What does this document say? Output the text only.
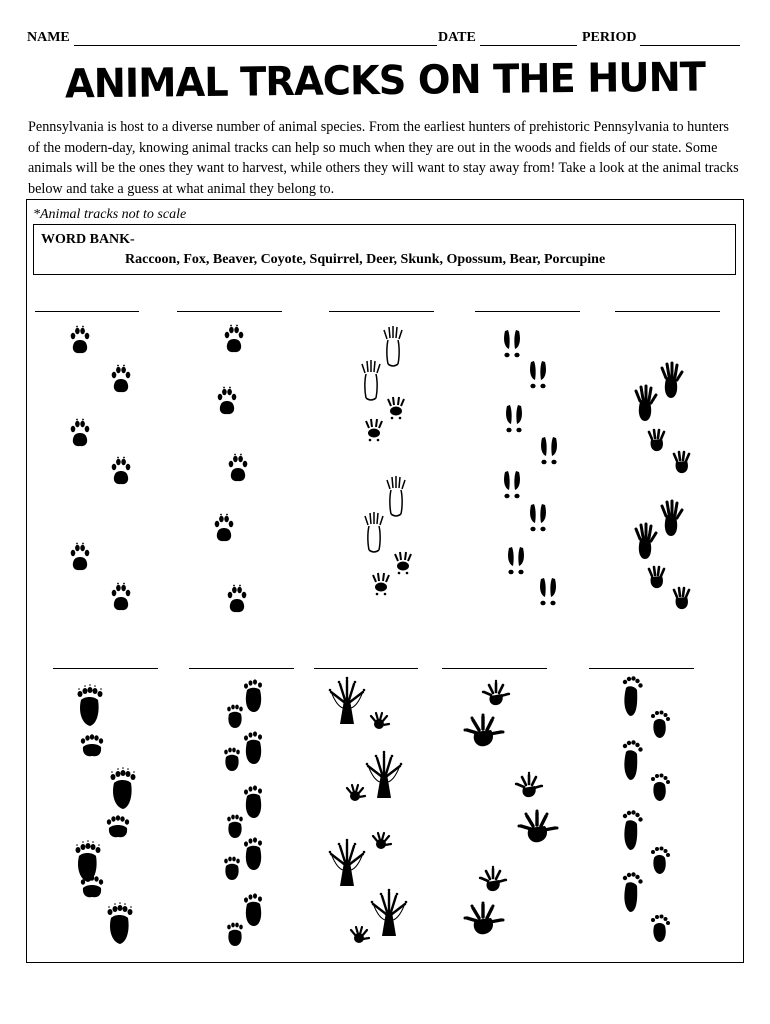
NAME	DATE	PERIOD
ANIMAL TRACKS ON THE HUNT
Pennsylvania is host to a diverse number of animal species. From the earliest hunters of prehistoric Pennsylvania to hunters of the modern-day, knowing animal tracks can help so much when they are out in the woods and fields of our state. Some animals will be the ones they want to harvest, while others they will want to stay away from! Take a look at the animal tracks below and take a guess at what animal they belong to.
*Animal tracks not to scale
WORD BANK-
Raccoon, Fox, Beaver, Coyote, Squirrel, Deer, Skunk, Opossum, Bear, Porcupine
